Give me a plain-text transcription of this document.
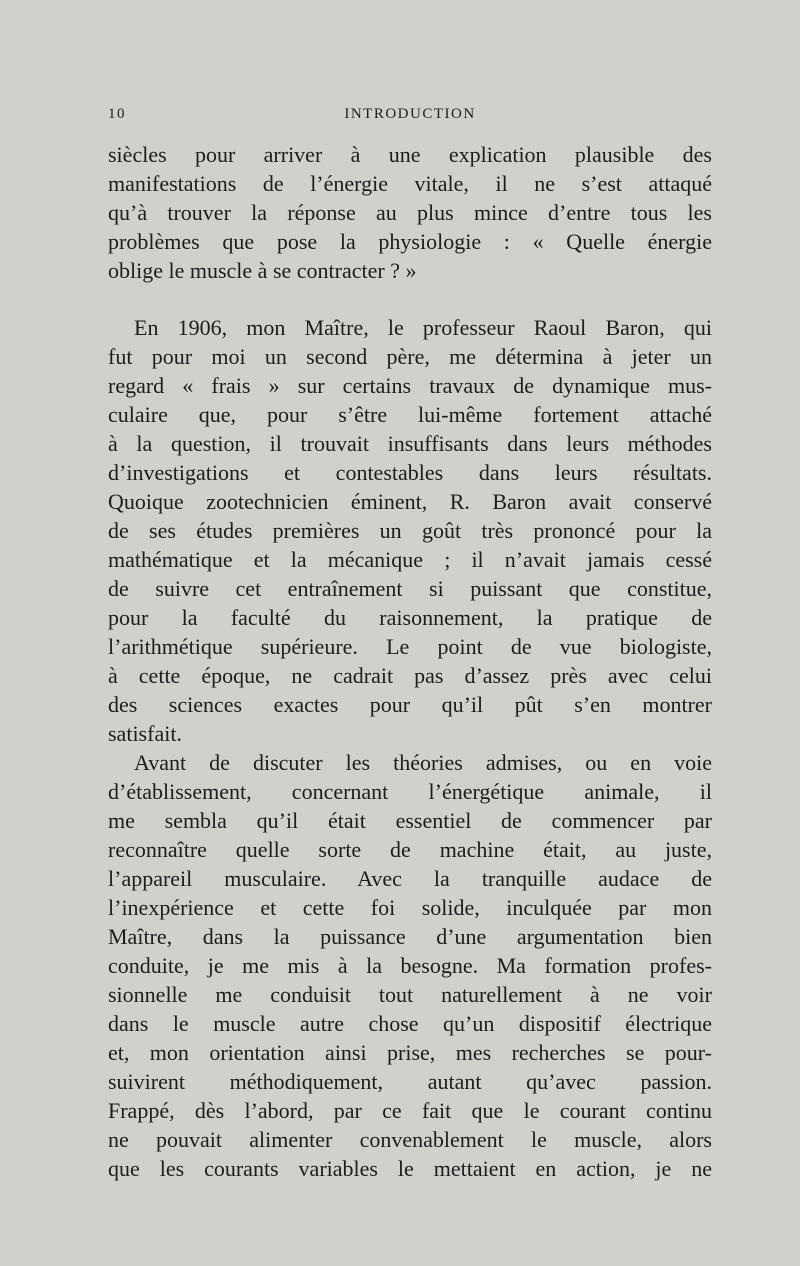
10	INTRODUCTION
siècles pour arriver à une explication plausible des
manifestations de l’énergie vitale, il ne s’est attaqué
qu’à trouver la réponse au plus mince d’entre tous les
problèmes que pose la physiologie : « Quelle énergie
oblige le muscle à se contracter ? »
En 1906, mon Maître, le professeur Raoul Baron, qui
fut pour moi un second père, me détermina à jeter un
regard « frais » sur certains travaux de dynamique mus-
culaire que, pour s’être lui-même fortement attaché
à la question, il trouvait insuffisants dans leurs méthodes
d’investigations et contestables dans leurs résultats.
Quoique zootechnicien éminent, R. Baron avait conservé
de ses études premières un goût très prononcé pour la
mathématique et la mécanique ; il n’avait jamais cessé
de suivre cet entraînement si puissant que constitue,
pour la faculté du raisonnement, la pratique de
l’arithmétique supérieure. Le point de vue biologiste,
à cette époque, ne cadrait pas d’assez près avec celui
des sciences exactes pour qu’il pût s’en montrer
satisfait.
Avant de discuter les théories admises, ou en voie
d’établissement, concernant l’énergétique animale, il
me sembla qu’il était essentiel de commencer par
reconnaître quelle sorte de machine était, au juste,
l’appareil musculaire. Avec la tranquille audace de
l’inexpérience et cette foi solide, inculquée par mon
Maître, dans la puissance d’une argumentation bien
conduite, je me mis à la besogne. Ma formation profes-
sionnelle me conduisit tout naturellement à ne voir
dans le muscle autre chose qu’un dispositif électrique
et, mon orientation ainsi prise, mes recherches se pour-
suivirent méthodiquement, autant qu’avec passion.
Frappé, dès l’abord, par ce fait que le courant continu
ne pouvait alimenter convenablement le muscle, alors
que les courants variables le mettaient en action, je ne
